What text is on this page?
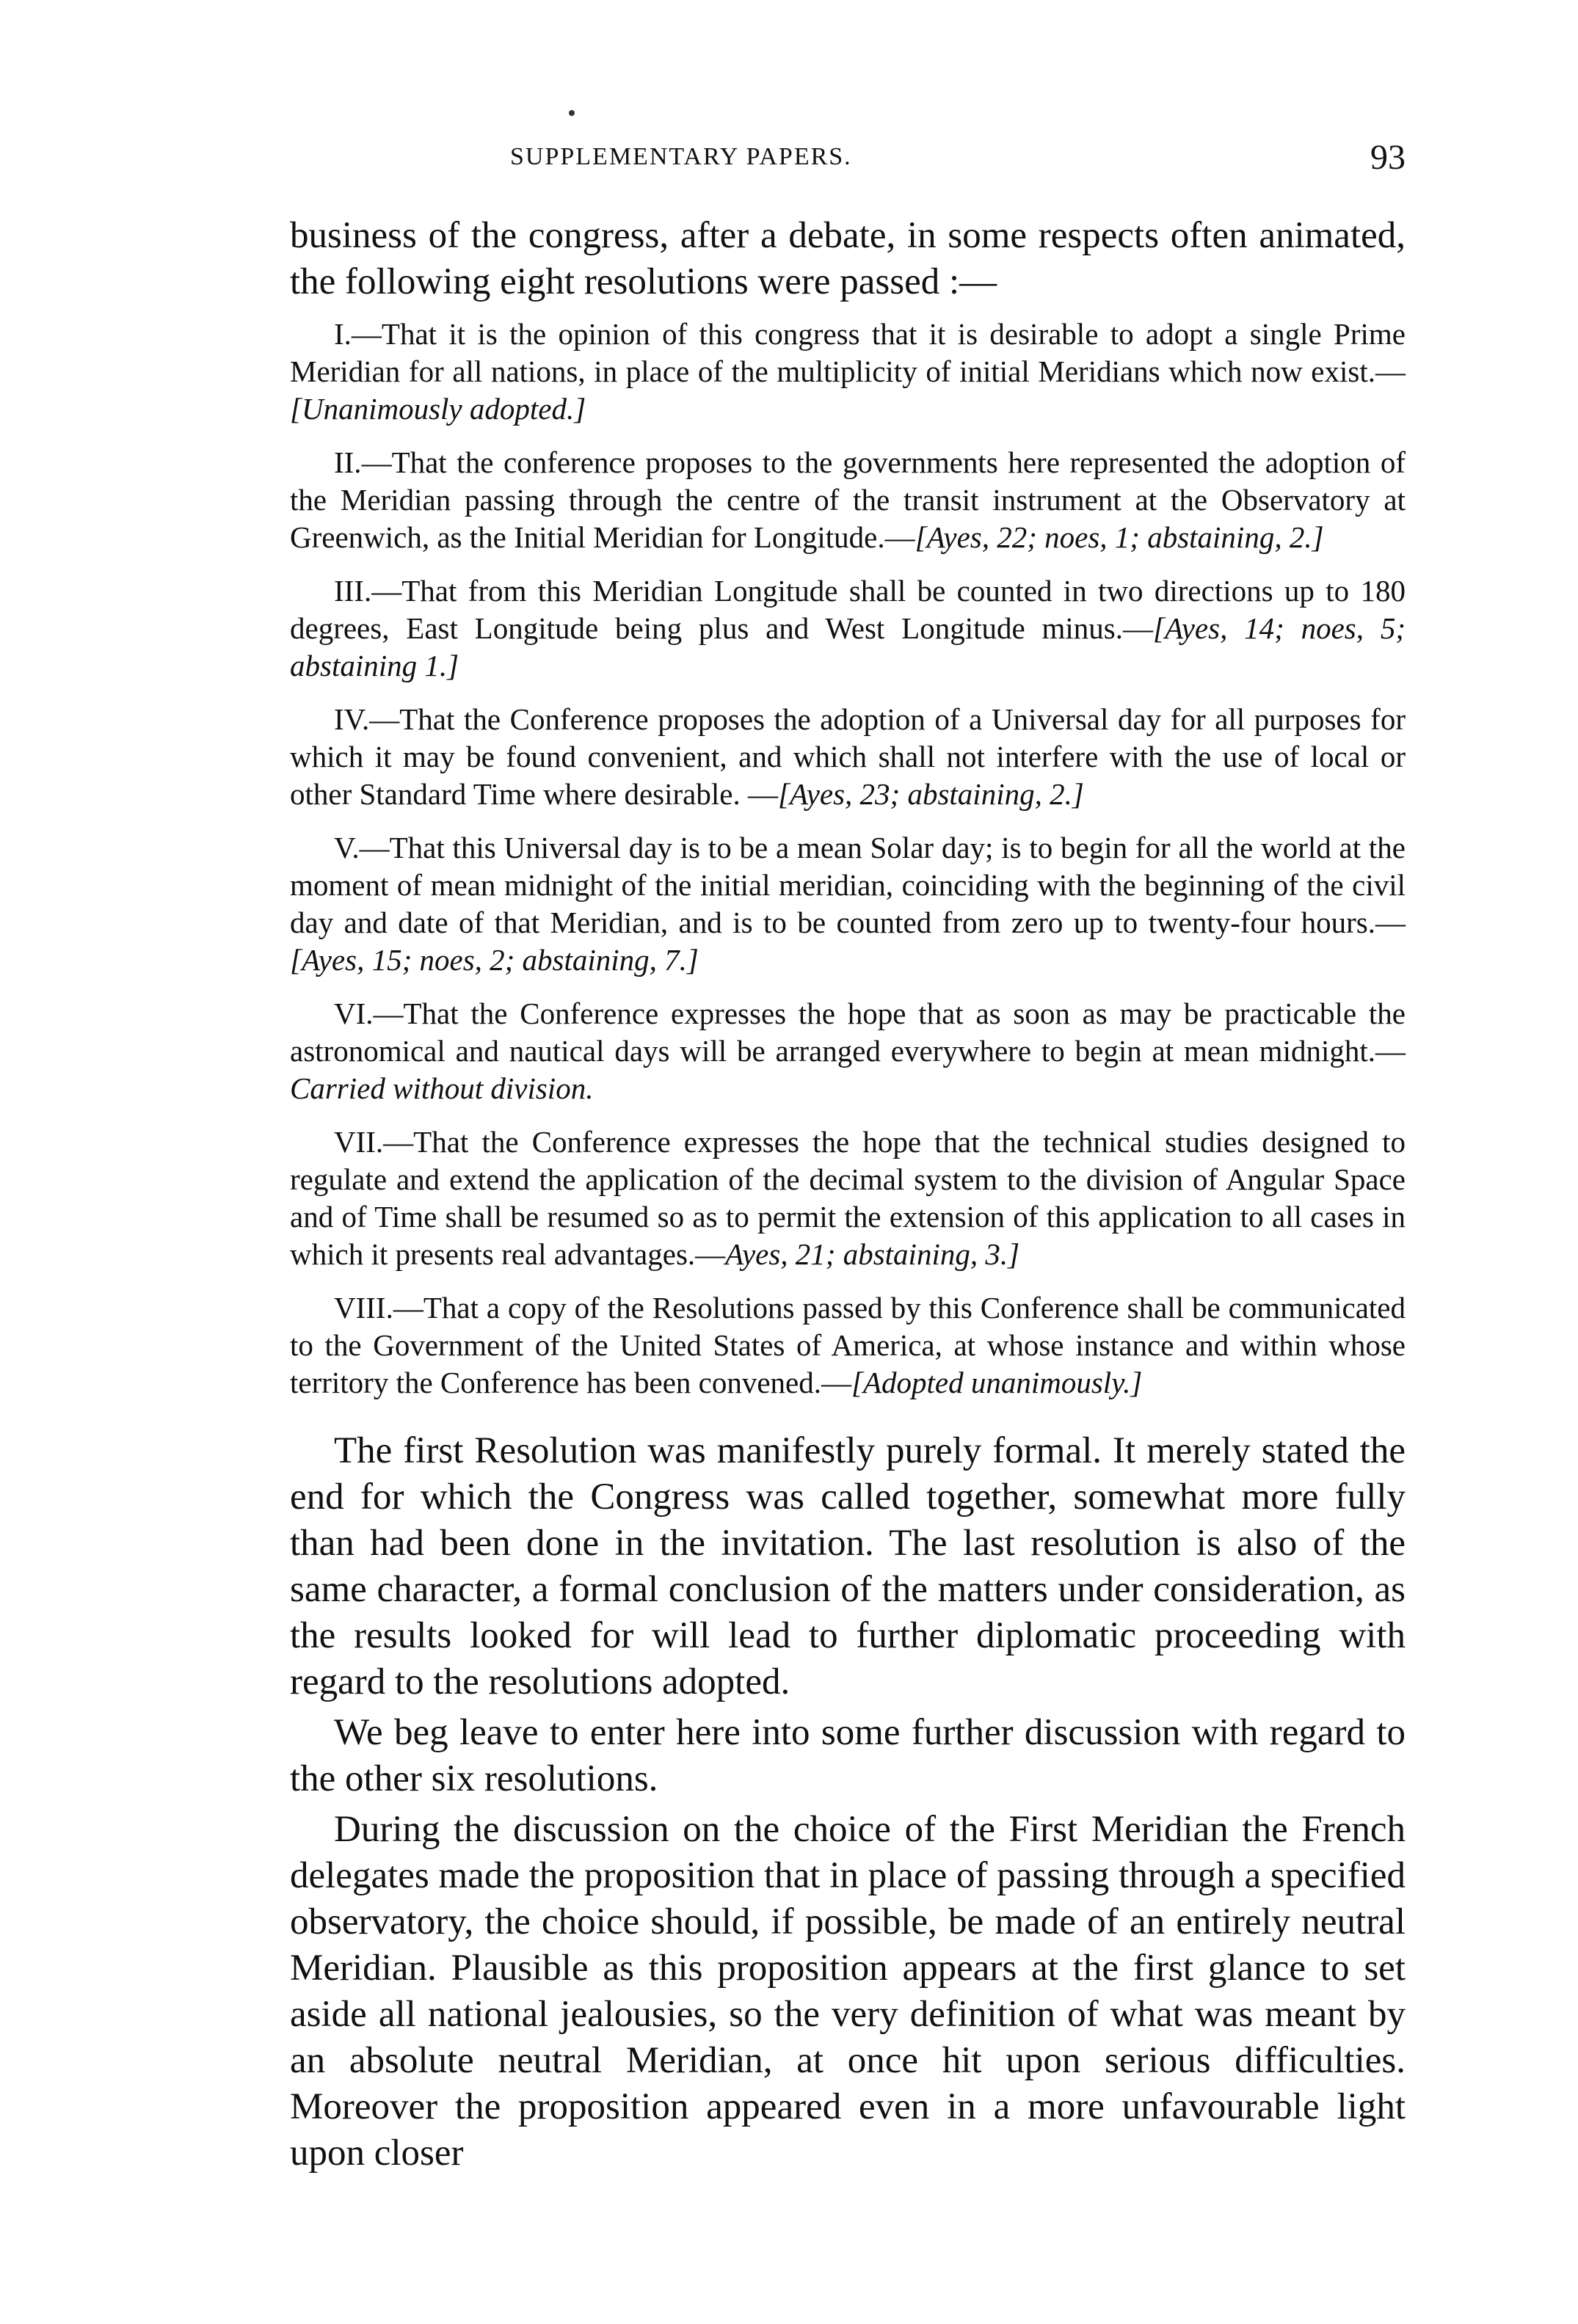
SUPPLEMENTARY PAPERS.	93

business of the congress, after a debate, in some respects often animated, the following eight resolutions were passed :—

I.—That it is the opinion of this congress that it is desirable to adopt a single Prime Meridian for all nations, in place of the multiplicity of initial Meridians which now exist.—[Unanimously adopted.]

II.—That the conference proposes to the governments here represented the adoption of the Meridian passing through the centre of the transit instrument at the Observatory at Greenwich, as the Initial Meridian for Longitude.—[Ayes, 22; noes, 1; abstaining, 2.]

III.—That from this Meridian Longitude shall be counted in two directions up to 180 degrees, East Longitude being plus and West Longitude minus.—[Ayes, 14; noes, 5; abstaining 1.]

IV.—That the Conference proposes the adoption of a Universal day for all purposes for which it may be found convenient, and which shall not interfere with the use of local or other Standard Time where desirable. —[Ayes, 23; abstaining, 2.]

V.—That this Universal day is to be a mean Solar day; is to begin for all the world at the moment of mean midnight of the initial meridian, coinciding with the beginning of the civil day and date of that Meridian, and is to be counted from zero up to twenty-four hours.— [Ayes, 15; noes, 2; abstaining, 7.]

VI.—That the Conference expresses the hope that as soon as may be practicable the astronomical and nautical days will be arranged everywhere to begin at mean midnight.—Carried without division.

VII.—That the Conference expresses the hope that the technical studies designed to regulate and extend the application of the decimal system to the division of Angular Space and of Time shall be resumed so as to permit the extension of this application to all cases in which it presents real advantages.—Ayes, 21; abstaining, 3.]

VIII.—That a copy of the Resolutions passed by this Conference shall be communicated to the Government of the United States of America, at whose instance and within whose territory the Conference has been convened.—[Adopted unanimously.]

The first Resolution was manifestly purely formal. It merely stated the end for which the Congress was called together, somewhat more fully than had been done in the invitation. The last resolution is also of the same character, a formal conclusion of the matters under consideration, as the results looked for will lead to further diplomatic proceeding with regard to the resolutions adopted.

We beg leave to enter here into some further discussion with regard to the other six resolutions.

During the discussion on the choice of the First Meridian the French delegates made the proposition that in place of passing through a specified observatory, the choice should, if possible, be made of an entirely neutral Meridian. Plausible as this proposition appears at the first glance to set aside all national jealousies, so the very definition of what was meant by an absolute neutral Meridian, at once hit upon serious difficulties. Moreover the proposition appeared even in a more unfavourable light upon closer
